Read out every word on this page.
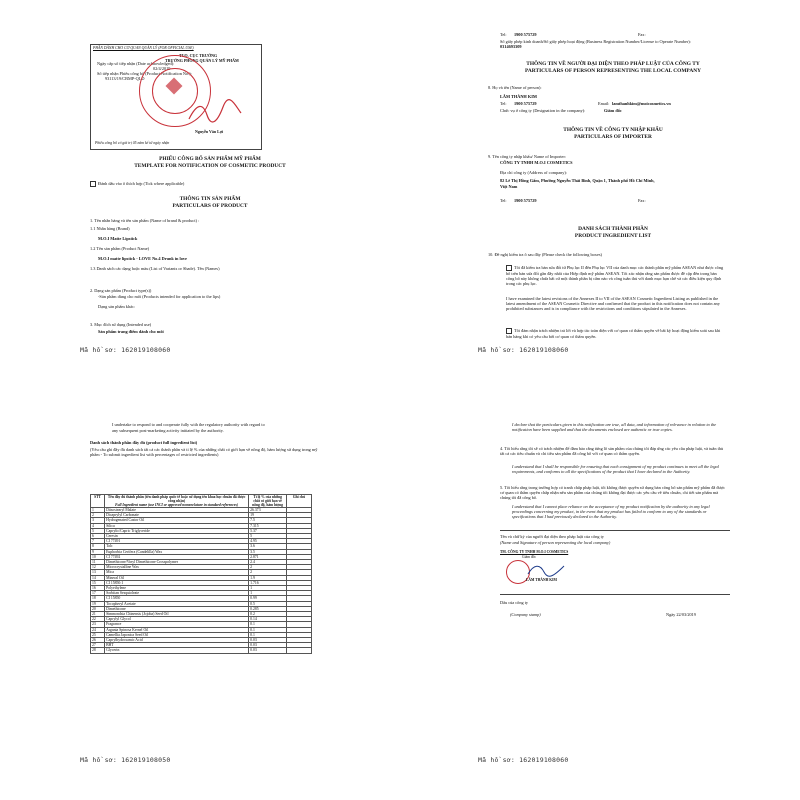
PHẦN DÀNH CHO CƠ QUAN QUẢN LÝ (FOR OFFICIAL USE)
Ngày cấp số tiếp nhận (Date acknowledged):
02/4/2019
Số tiếp nhận Phiếu công bố (Product Notification No.):
93113/19/CBMP-QLD
TUQ. CỤC TRƯỞNG
TRƯỞNG PHÒNG QUẢN LÝ MỸ PHẨM
Nguyễn Văn Lợi
Phiếu công bố có giá trị 05 năm kể từ ngày nhận
PHIẾU CÔNG BỐ SẢN PHẨM MỸ PHẨM
TEMPLATE FOR NOTIFICATION OF COSMETIC PRODUCT
Đánh dấu vào ô thích hợp (Tick where applicable)
THÔNG TIN SẢN PHẨM
PARTICULARS OF PRODUCT
1. Tên nhãn hàng và tên sản phẩm (Name of brand & product) :
1.1 Nhãn hàng (Brand)
M.O.I Matte Lipstick
1.2 Tên sản phẩm (Product Name)
M.O.I matte lipstick - LOVE No.4 Drunk in love
1.3 Danh sách các dạng hoặc màu (List of Variants or Shade). Tên (Names)
2. Dạng sản phẩm (Product type(s))
-Sản phẩm dùng cho môi (Products intended for application to the lips)
Dạng sản phẩm khác:
3. Mục đích sử dụng (Intended use)
Sản phẩm trang điểm dành cho môi
Mã hồ sơ: 162019108060
Tel: 1900 575729	Fax:
Số giấy phép kinh doanh/Số giấy phép hoạt động (Business Registration Number/License to Operate Number):
0314693309
THÔNG TIN VỀ NGƯỜI ĐẠI DIỆN THEO PHÁP LUẬT CỦA CÔNG TY
PARTICULARS OF PERSON REPRESENTING THE LOCAL COMPANY
8. Họ và tên (Name of person):
LÂM THÀNH KIM
Tel: 1900 575729	Email: lamthanhkim@moicosmetics.vn
Chức vụ ở công ty (Designation in the company):	Giám đốc
THÔNG TIN VỀ CÔNG TY NHẬP KHẨU
PARTICULARS OF IMPORTER
9. Tên công ty nhập khẩu/ Name of Importer:
CÔNG TY TNHH M.O.I COSMETICS
Địa chỉ công ty (Address of company):
82 Lê Thị Hồng Gấm, Phường Nguyễn Thái Bình, Quận 1, Thành phố Hồ Chí Minh,
Việt Nam
Tel: 1900 575729	Fax:
DANH SÁCH THÀNH PHẦN
PRODUCT INGREDIENT LIST
10. Đề nghị kiểm tra ô sau đây (Please check the following boxes)
Tôi đã kiểm tra bản sửa đổi từ Phụ lục II đến Phụ lục VII của danh mục các thành phần mỹ phẩm ASEAN như được công bố trên bản sửa đổi gần đây nhất của Hiệp định mỹ phẩm ASEAN. Tôi xác nhận rằng sản phẩm được đề cập đến trong bản công bố này không chứa bất cứ một thành phần bị cấm nào và công tuân thủ với danh mục hạn chế và các điều kiện quy định trong các phụ lục.
I have examined the latest revisions of the Annexes II to VII of the ASEAN Cosmetic Ingredient Listing as published in the latest amendment of the ASEAN Cosmetic Directive and confirmed that the product in this notification does not contain any prohibited substances and is in compliance with the restrictions and conditions stipulated in the Annexes.
Tôi đảm nhận trách nhiệm trả lời và hợp tác toàn diện với cơ quan có thẩm quyền về bất kỳ hoạt động kiểm soát sau khi bán hàng khi có yêu cầu bởi cơ quan có thẩm quyền.
Mã hồ sơ: 162019108060
I undertake to respond to and cooperate fully with the regulatory authority with regard to
any subsequent post-marketing activity initiated by the authority.
Danh sách thành phần đầy đủ (product full ingredient list)
(Yêu cầu ghi đầy đủ danh sách tất cả các thành phần và tỉ lệ % của những chất có giới hạn về nồng độ, hàm lượng sử dụng trong mỹ phẩm - To submit ingredient list with percentages of restricted ingredients)
STT	Tên đầy đủ thành phần (tên danh pháp quốc tế hoặc sử dụng tên khoa học chuẩn đã được công nhận)
Full Ingredient name (use INCI or approved nomenclature in standard references)	Tỉ lệ % của những chất có giới hạn về nồng độ, hàm lượng	Ghi chú
1	Diisostearyl Malate	26.373	
2	Dicaprylyl Carbonate	19	
3	Hydrogenated Castor Oil	7.5	
4	Silica	7.315	
5	Caprylic/Capric Triglyceride	5.37	
6	Ceresin	5	
7	CI 77491	4.95	
8	Talc	3.6	
9	Euphorbia Cerifera (Candelilla) Wax	3.5	
10	CI 77492	2.871	
11	Dimethicone/Vinyl Dimethicone Crosspolymer	2.4	
12	Microcrystalline Wax	2	
13	Mica	2	
14	Mineral Oil	1.9	
15	CI 15850:1	1.716	
16	Polyethylene	1	
17	Sorbitan Sesquioleate	1	
18	CI 15850	0.99	
19	Tocopheryl Acetate	0.5	
20	Dimethicone	0.285	
21	Simmondsia Chinensis (Jojoba) Seed Oil	0.2	
22	Caprylyl Glycol	0.14	
23	Fragrance	0.1	
24	Argania Spinosa Kernel Oil	0.1	
25	Camellia Japonica Seed Oil	0.1	
26	Caprylhydroxamic Acid	0.03	
27	BHT	0.03	
28	Glycerin	0.03	
Mã hồ sơ: 162019108050
I declare that the particulars given in this notification are true, all data, and information of relevance in relation to the notification have been supplied and that the documents enclosed are authentic or true copies.
4. Tôi hiểu rằng tôi sẽ có trách nhiệm để đảm bảo rằng từng lô sản phẩm của chúng tôi đáp ứng các yêu cầu pháp luật, và tuân thủ tất cả các tiêu chuẩn và chi tiêu sản phẩm đã công bố với cơ quan có thẩm quyền.
I understand that I shall be responsible for ensuring that each consignment of my product continues to meet all the legal requirements, and conforms to all the specifications of the product that I have declared to the Authority.
5. Tôi hiểu rằng trong trường hợp có tranh chấp pháp luật, tôi không được quyền sử dụng bản công bố sản phẩm mỹ phẩm đã được cơ quan có thẩm quyền chấp nhận nếu sản phẩm của chúng tôi không đạt được các yêu cầu về tiêu chuẩn, chi tiết sản phẩm mà chúng tôi đã công bố.
I understand that I cannot place reliance on the acceptance of my product notification by the authority in any legal proceedings concerning my product, in the event that my product has failed to conform to any of the standards or specifications that I had previously declared to the Authority.
Tên và chữ ký của người đại diện theo pháp luật của công ty
(Name and Signature of person representing the local company)
TM. CÔNG TY TNHH M.O.I COSMETICS
Giám đốc
LÂM THÀNH KIM
Dấu của công ty
(Company stamp)	Ngày 22/03/2019
Mã hồ sơ: 162019108060
